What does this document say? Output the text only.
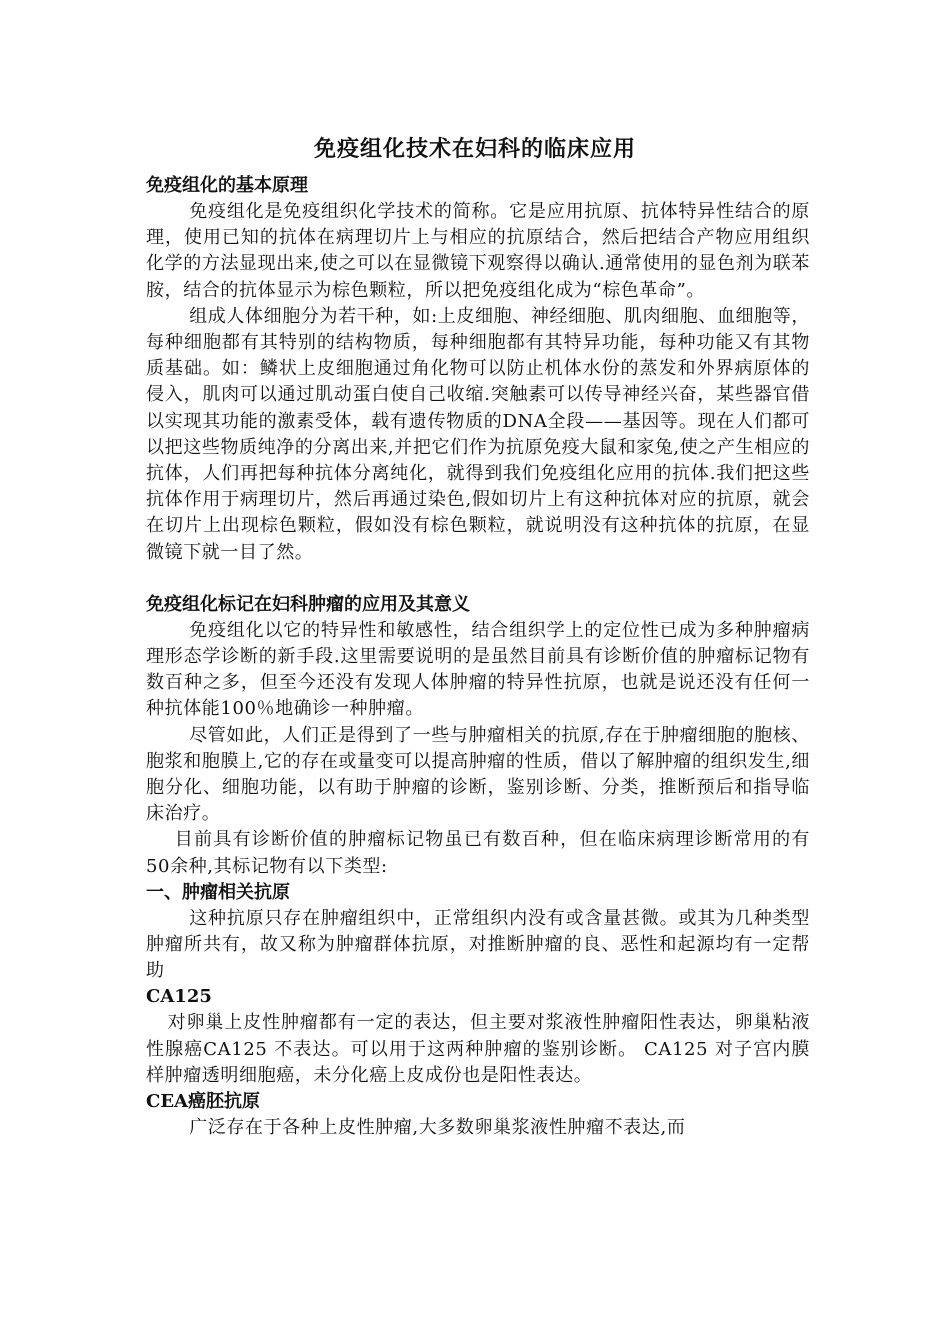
免疫组化技术在妇科的临床应用

免疫组化的基本原理

免疫组化是免疫组织化学技术的简称。它是应用抗原、抗体特异性结合的原理，使用已知的抗体在病理切片上与相应的抗原结合，然后把结合产物应用组织化学的方法显现出来,使之可以在显微镜下观察得以确认.通常使用的显色剂为联苯胺，结合的抗体显示为棕色颗粒，所以把免疫组化成为“棕色革命”。

组成人体细胞分为若干种，如:上皮细胞、神经细胞、肌肉细胞、血细胞等，每种细胞都有其特别的结构物质，每种细胞都有其特异功能，每种功能又有其物质基础。如：鳞状上皮细胞通过角化物可以防止机体水份的蒸发和外界病原体的侵入，肌肉可以通过肌动蛋白使自己收缩.突触素可以传导神经兴奋，某些器官借以实现其功能的激素受体，载有遗传物质的DNA全段——基因等。现在人们都可以把这些物质纯净的分离出来,并把它们作为抗原免疫大鼠和家兔,使之产生相应的抗体，人们再把每种抗体分离纯化，就得到我们免疫组化应用的抗体.我们把这些抗体作用于病理切片，然后再通过染色,假如切片上有这种抗体对应的抗原，就会在切片上出现棕色颗粒，假如没有棕色颗粒，就说明没有这种抗体的抗原，在显微镜下就一目了然。

免疫组化标记在妇科肿瘤的应用及其意义

免疫组化以它的特异性和敏感性，结合组织学上的定位性已成为多种肿瘤病理形态学诊断的新手段.这里需要说明的是虽然目前具有诊断价值的肿瘤标记物有数百种之多，但至今还没有发现人体肿瘤的特异性抗原，也就是说还没有任何一种抗体能100％地确诊一种肿瘤。

尽管如此，人们正是得到了一些与肿瘤相关的抗原,存在于肿瘤细胞的胞核、胞浆和胞膜上,它的存在或量变可以提高肿瘤的性质，借以了解肿瘤的组织发生,细胞分化、细胞功能，以有助于肿瘤的诊断，鉴别诊断、分类，推断预后和指导临床治疗。

目前具有诊断价值的肿瘤标记物虽已有数百种，但在临床病理诊断常用的有50余种,其标记物有以下类型:

一、肿瘤相关抗原

这种抗原只存在肿瘤组织中，正常组织内没有或含量甚微。或其为几种类型肿瘤所共有，故又称为肿瘤群体抗原，对推断肿瘤的良、恶性和起源均有一定帮助

CA125

对卵巢上皮性肿瘤都有一定的表达，但主要对浆液性肿瘤阳性表达，卵巢粘液性腺癌CA125 不表达。可以用于这两种肿瘤的鉴别诊断。 CA125 对子宫内膜样肿瘤透明细胞癌，未分化癌上皮成份也是阳性表达。

CEA癌胚抗原

广泛存在于各种上皮性肿瘤,大多数卵巢浆液性肿瘤不表达,而
